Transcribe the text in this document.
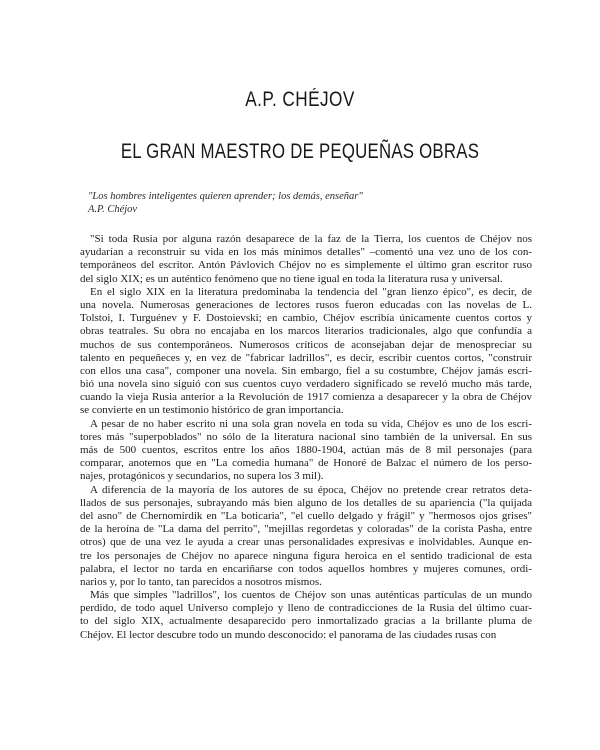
A.P. CHÉJOV
EL GRAN MAESTRO DE PEQUEÑAS OBRAS
"Los hombres inteligentes quieren aprender; los demás, enseñar"
A.P. Chéjov
"Si toda Rusia por alguna razón desaparece de la faz de la Tierra, los cuentos de Chéjov nos
ayudarían a reconstruir su vida en los más mínimos detalles" –comentó una vez uno de los con-
temporáneos del escritor. Antón Pávlovich Chéjov no es simplemente el último gran escritor ruso
del siglo XIX; es un auténtico fenómeno que no tiene igual en toda la literatura rusa y universal.
En el siglo XIX en la literatura predominaba la tendencia del "gran lienzo épico", es decir, de
una novela. Numerosas generaciones de lectores rusos fueron educadas con las novelas de L.
Tolstoi, I. Turguénev y F. Dostoievski; en cambio, Chéjov escribía únicamente cuentos cortos y
obras teatrales. Su obra no encajaba en los marcos literarios tradicionales, algo que confundía a
muchos de sus contemporáneos. Numerosos críticos de aconsejaban dejar de menospreciar su
talento en pequeñeces y, en vez de "fabricar ladrillos", es decir, escribir cuentos cortos, "construir
con ellos una casa", componer una novela. Sin embargo, fiel a su costumbre, Chéjov jamás escri-
bió una novela sino siguió con sus cuentos cuyo verdadero significado se reveló mucho más tarde,
cuando la vieja Rusia anterior a la Revolución de 1917 comienza a desaparecer y la obra de Chéjov
se convierte en un testimonio histórico de gran importancia.
A pesar de no haber escrito ni una sola gran novela en toda su vida, Chéjov es uno de los escri-
tores más "superpoblados" no sólo de la literatura nacional sino también de la universal. En sus
más de 500 cuentos, escritos entre los años 1880-1904, actúan más de 8 mil personajes (para
comparar, anotemos que en "La comedia humana" de Honoré de Balzac el número de los perso-
najes, protagónicos y secundarios, no supera los 3 mil).
A diferencia de la mayoría de los autores de su época, Chéjov no pretende crear retratos deta-
llados de sus personajes, subrayando más bien alguno de los detalles de su apariencia ("la quijada
del asno" de Chernomírdik en "La boticaria", "el cuello delgado y frágil" y "hermosos ojos grises"
de la heroína de "La dama del perrito", "mejillas regordetas y coloradas" de la corista Pasha, entre
otros) que de una vez le ayuda a crear unas personalidades expresivas e inolvidables. Aunque en-
tre los personajes de Chéjov no aparece ninguna figura heroica en el sentido tradicional de esta
palabra, el lector no tarda en encariñarse con todos aquellos hombres y mujeres comunes, ordi-
narios y, por lo tanto, tan parecidos a nosotros mismos.
Más que simples "ladrillos", los cuentos de Chéjov son unas auténticas partículas de un mundo
perdido, de todo aquel Universo complejo y lleno de contradicciones de la Rusia del último cuar-
to del siglo XIX, actualmente desaparecido pero inmortalizado gracias a la brillante pluma de
Chéjov. El lector descubre todo un mundo desconocido: el panorama de las ciudades rusas con
